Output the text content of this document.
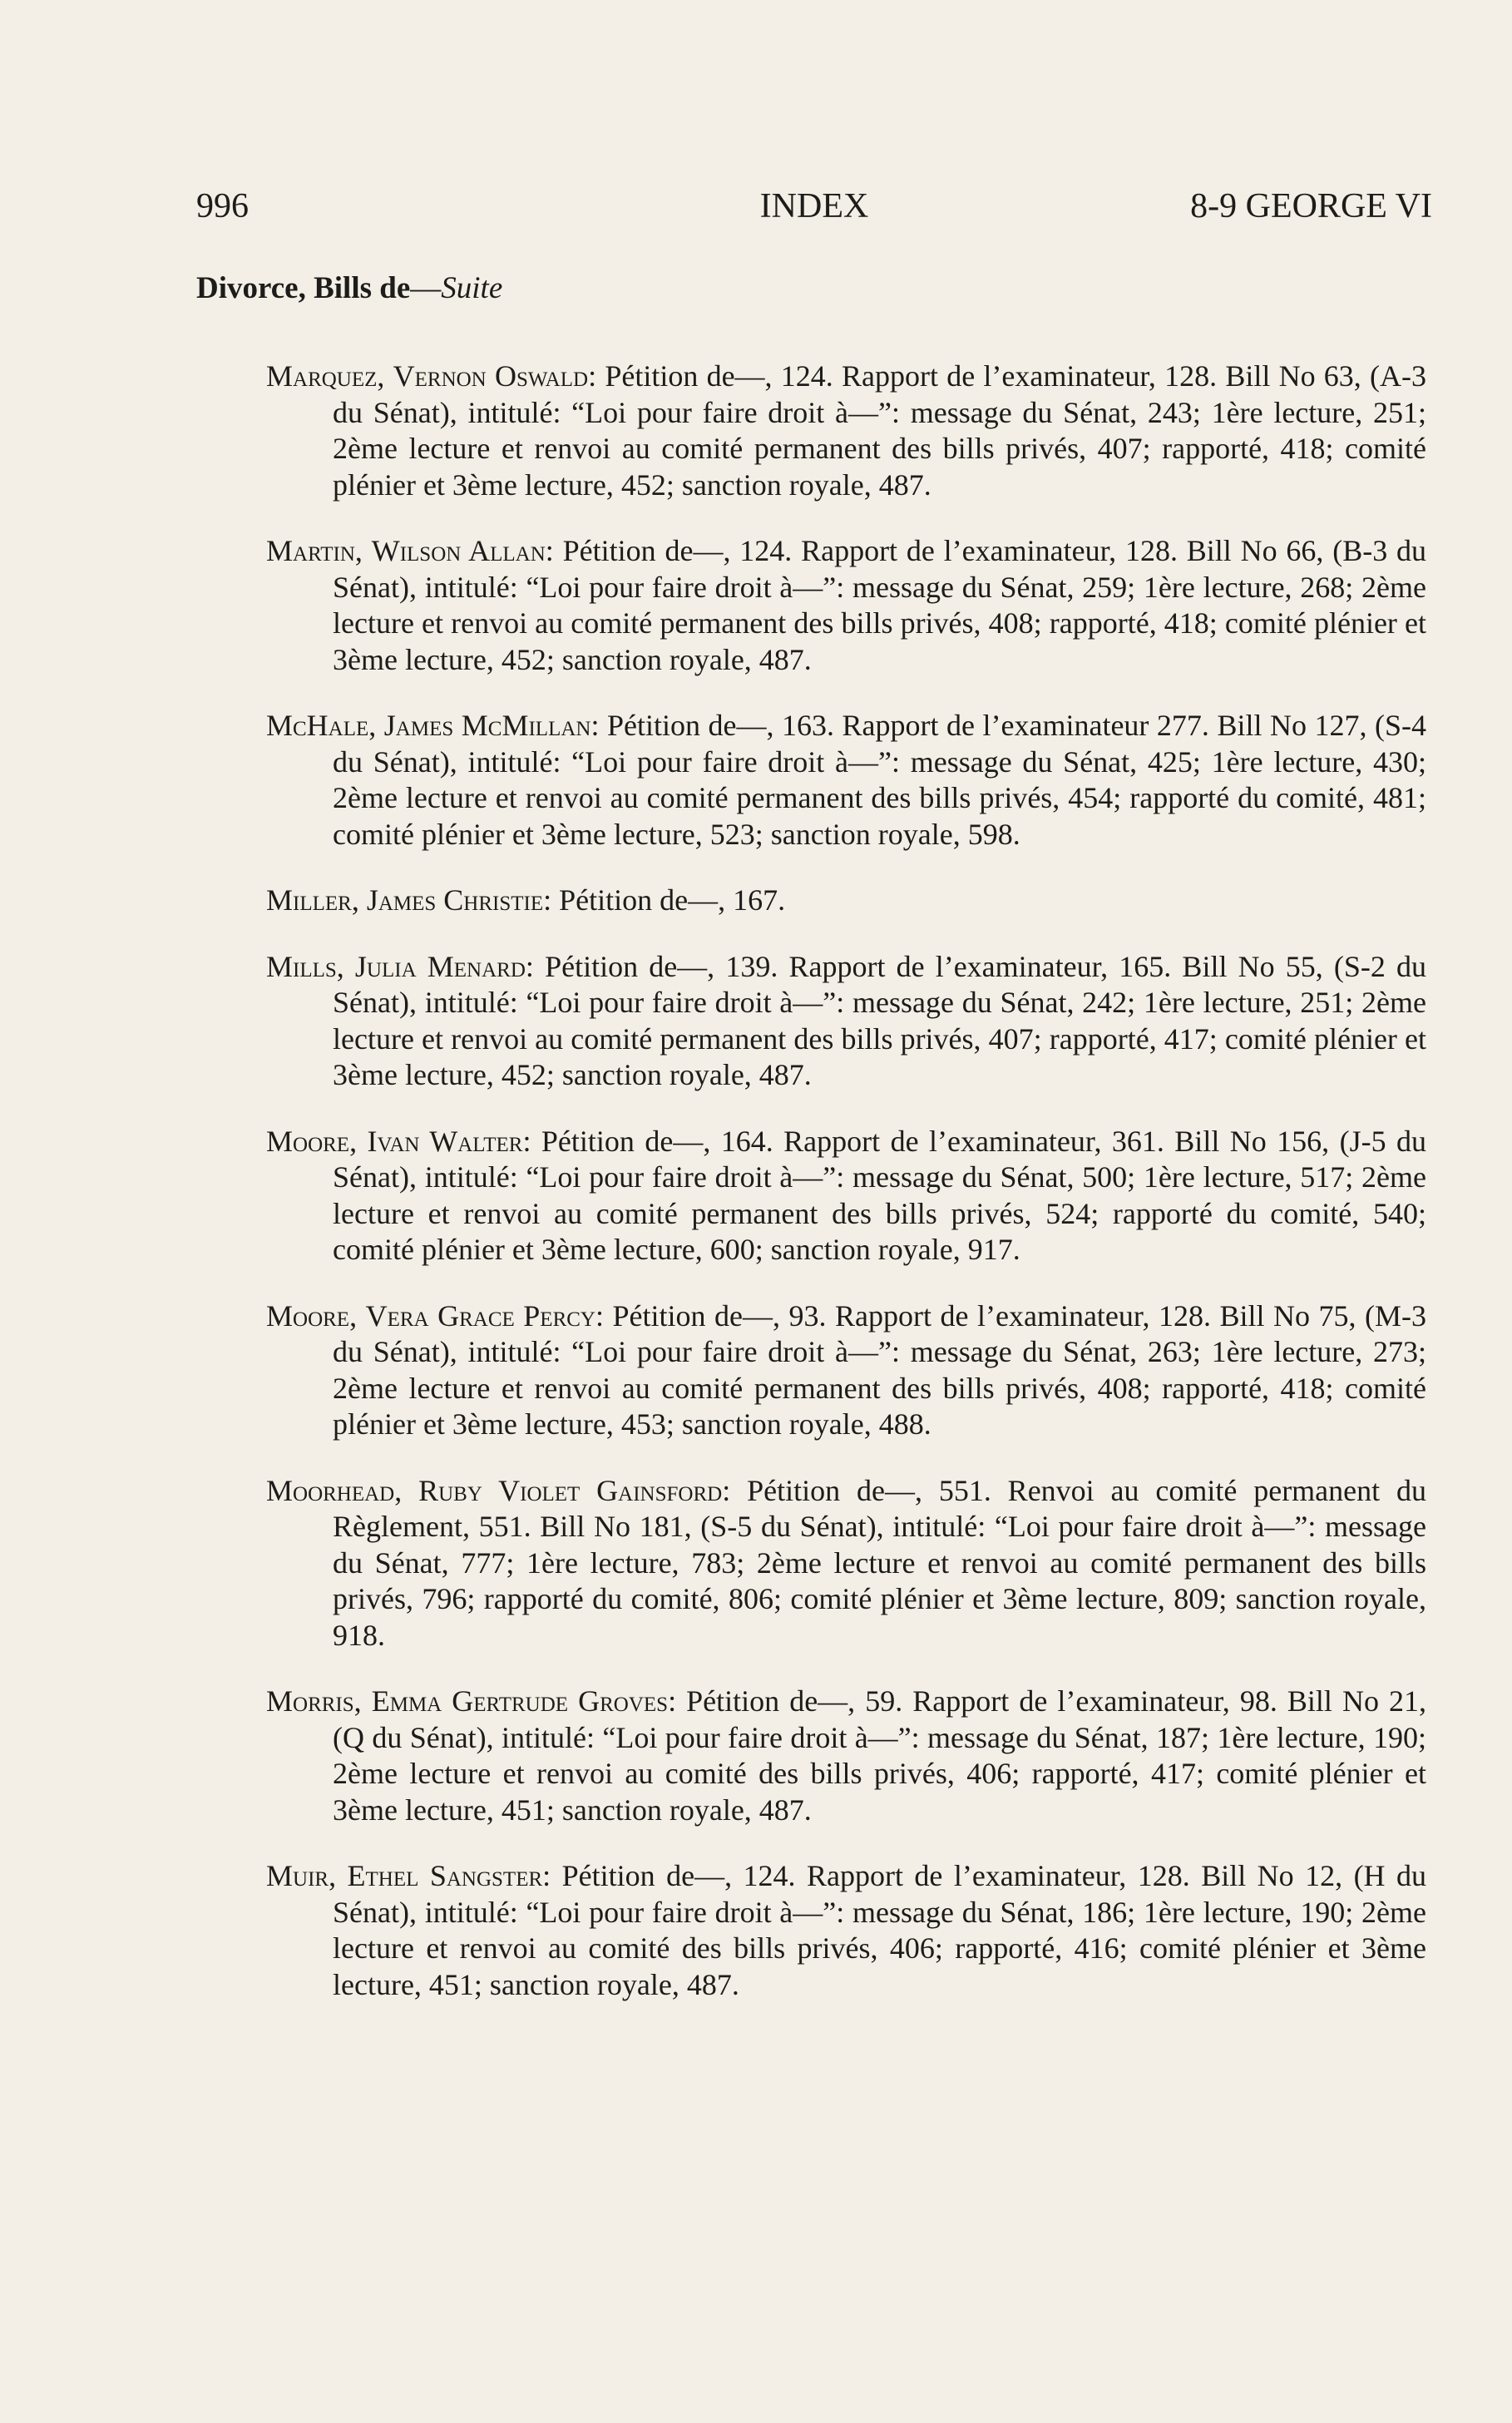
996	INDEX	8-9 GEORGE VI
Divorce, Bills de—Suite

Marquez, Vernon Oswald: Pétition de—, 124. Rapport de l’examinateur, 128. Bill No 63, (A-3 du Sénat), intitulé: “Loi pour faire droit à—”: message du Sénat, 243; 1ère lecture, 251; 2ème lecture et renvoi au comité permanent des bills privés, 407; rapporté, 418; comité plénier et 3ème lecture, 452; sanction royale, 487.

Martin, Wilson Allan: Pétition de—, 124. Rapport de l’examinateur, 128. Bill No 66, (B-3 du Sénat), intitulé: “Loi pour faire droit à—”: message du Sénat, 259; 1ère lecture, 268; 2ème lecture et renvoi au comité permanent des bills privés, 408; rapporté, 418; comité plénier et 3ème lecture, 452; sanction royale, 487.

McHale, James McMillan: Pétition de—, 163. Rapport de l’examinateur 277. Bill No 127, (S-4 du Sénat), intitulé: “Loi pour faire droit à—”: message du Sénat, 425; 1ère lecture, 430; 2ème lecture et renvoi au comité permanent des bills privés, 454; rapporté du comité, 481; comité plénier et 3ème lecture, 523; sanction royale, 598.

Miller, James Christie: Pétition de—, 167.

Mills, Julia Menard: Pétition de—, 139. Rapport de l’examinateur, 165. Bill No 55, (S-2 du Sénat), intitulé: “Loi pour faire droit à—”: message du Sénat, 242; 1ère lecture, 251; 2ème lecture et renvoi au comité permanent des bills privés, 407; rapporté, 417; comité plénier et 3ème lecture, 452; sanction royale, 487.

Moore, Ivan Walter: Pétition de—, 164. Rapport de l’examinateur, 361. Bill No 156, (J-5 du Sénat), intitulé: “Loi pour faire droit à—”: message du Sénat, 500; 1ère lecture, 517; 2ème lecture et renvoi au comité permanent des bills privés, 524; rapporté du comité, 540; comité plénier et 3ème lecture, 600; sanction royale, 917.

Moore, Vera Grace Percy: Pétition de—, 93. Rapport de l’examinateur, 128. Bill No 75, (M-3 du Sénat), intitulé: “Loi pour faire droit à—”: message du Sénat, 263; 1ère lecture, 273; 2ème lecture et renvoi au comité permanent des bills privés, 408; rapporté, 418; comité plénier et 3ème lecture, 453; sanction royale, 488.

Moorhead, Ruby Violet Gainsford: Pétition de—, 551. Renvoi au comité permanent du Règlement, 551. Bill No 181, (S-5 du Sénat), intitulé: “Loi pour faire droit à—”: message du Sénat, 777; 1ère lecture, 783; 2ème lecture et renvoi au comité permanent des bills privés, 796; rapporté du comité, 806; comité plénier et 3ème lecture, 809; sanction royale, 918.

Morris, Emma Gertrude Groves: Pétition de—, 59. Rapport de l’examinateur, 98. Bill No 21, (Q du Sénat), intitulé: “Loi pour faire droit à—”: message du Sénat, 187; 1ère lecture, 190; 2ème lecture et renvoi au comité des bills privés, 406; rapporté, 417; comité plénier et 3ème lecture, 451; sanction royale, 487.

Muir, Ethel Sangster: Pétition de—, 124. Rapport de l’examinateur, 128. Bill No 12, (H du Sénat), intitulé: “Loi pour faire droit à—”: message du Sénat, 186; 1ère lecture, 190; 2ème lecture et renvoi au comité des bills privés, 406; rapporté, 416; comité plénier et 3ème lecture, 451; sanction royale, 487.
